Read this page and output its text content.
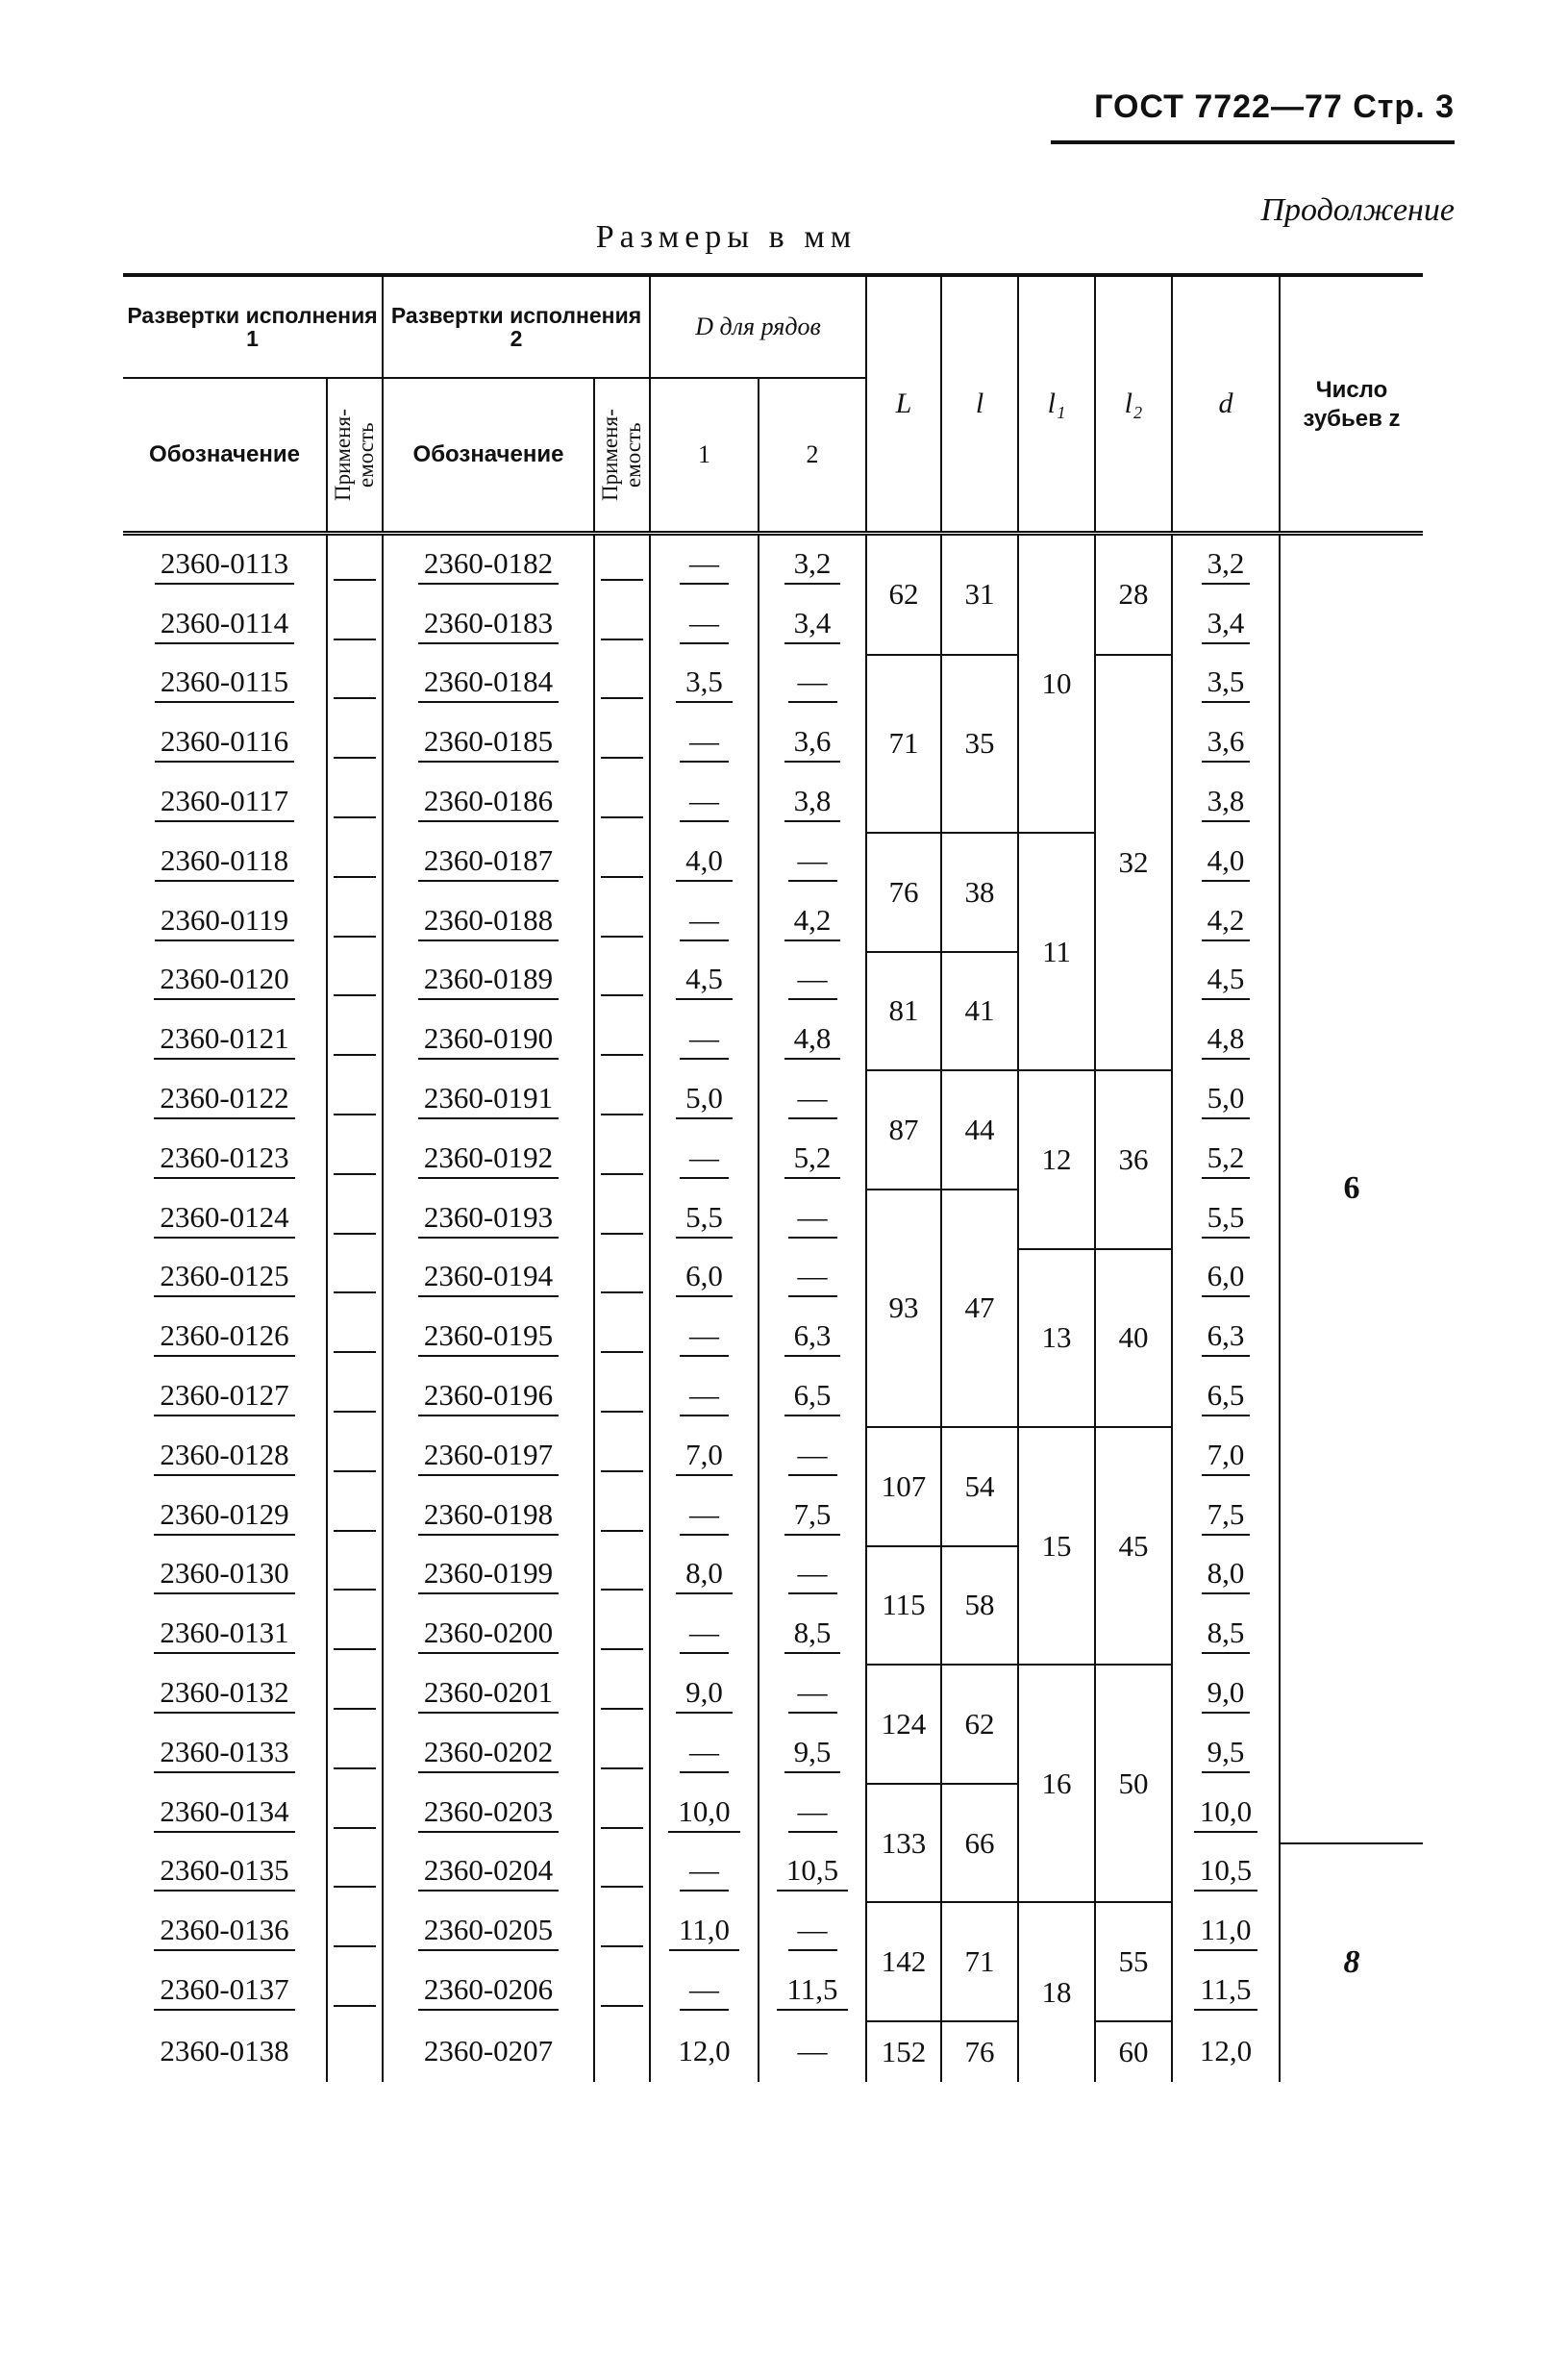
ГОСТ 7722—77 Стр. 3
Продолжение
Размеры в мм
Развертки исполнения 1		Развертки исполнения 2		D для рядов		L	l	l₁	l₂	d	Число зубьев z
Обозначение	Применя- емость	Обозначение	Применя- емость	1	2						
2360-0113		2360-0182		—	3,2	62	31	10	28	3,2	6
2360-0114		2360-0183		—	3,4					3,4	
2360-0115		2360-0184		3,5	—	71	35		32	3,5	
2360-0116		2360-0185		—	3,6					3,6	
2360-0117		2360-0186		—	3,8					3,8	
2360-0118		2360-0187		4,0	—	76	38	11		4,0	
2360-0119		2360-0188		—	4,2					4,2	
2360-0120		2360-0189		4,5	—	81	41			4,5	
2360-0121		2360-0190		—	4,8					4,8	
2360-0122		2360-0191		5,0	—	87	44	12	36	5,0	
2360-0123		2360-0192		—	5,2					5,2	
2360-0124		2360-0193		5,5	—	93	47			5,5	
2360-0125		2360-0194		6,0	—			13	40	6,0	
2360-0126		2360-0195		—	6,3					6,3	
2360-0127		2360-0196		—	6,5					6,5	
2360-0128		2360-0197		7,0	—	107	54	15	45	7,0	
2360-0129		2360-0198		—	7,5					7,5	
2360-0130		2360-0199		8,0	—	115	58			8,0	
2360-0131		2360-0200		—	8,5					8,5	
2360-0132		2360-0201		9,0	—	124	62	16	50	9,0	
2360-0133		2360-0202		—	9,5					9,5	
2360-0134		2360-0203		10,0	—	133	66			10,0	
2360-0135		2360-0204		—	10,5					10,5	8
2360-0136		2360-0205		11,0	—	142	71	18	55	11,0	
2360-0137		2360-0206		—	11,5					11,5	
2360-0138		2360-0207		12,0	—	152	76		60	12,0	
